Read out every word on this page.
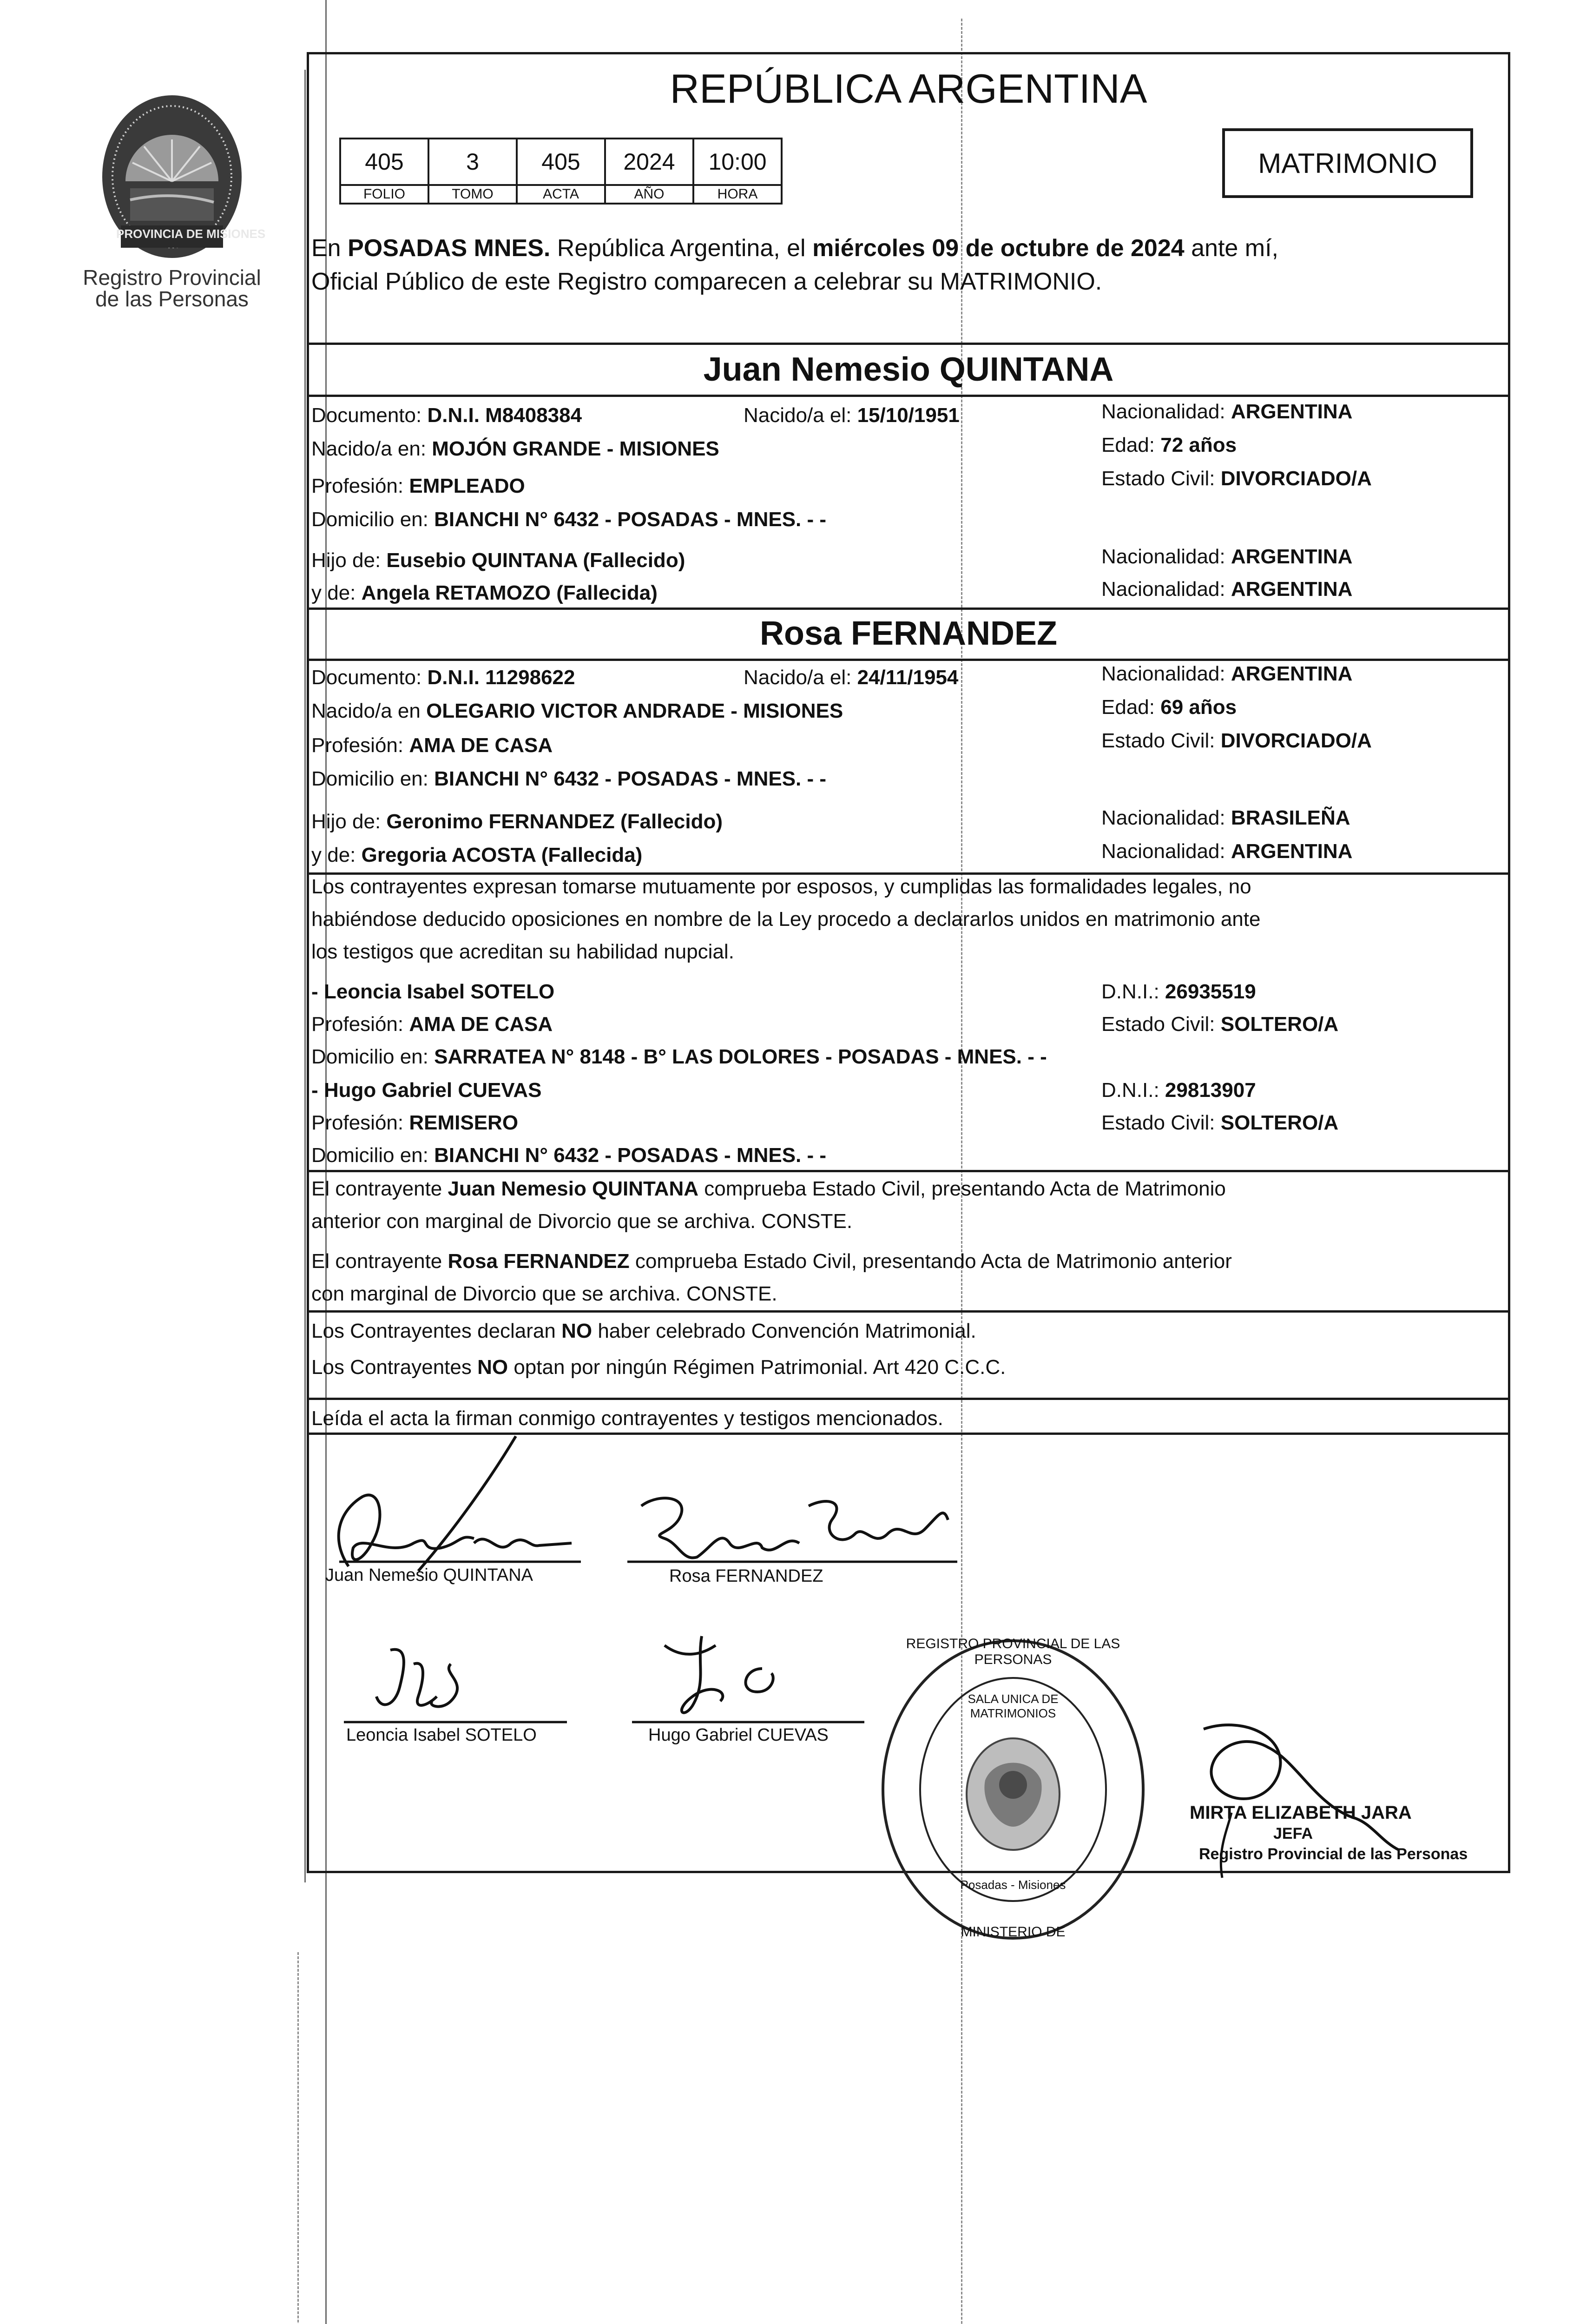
PROVINCIA DE MISIONES
Registro Provincial
de las Personas
REPÚBLICA ARGENTINA
405	3	405	2024	10:00
FOLIO	TOMO	ACTA	AÑO	HORA
MATRIMONIO
En POSADAS MNES. República Argentina, el miércoles 09 de octubre de 2024 ante mí,
Oficial Público de este Registro comparecen a celebrar su MATRIMONIO.
Juan Nemesio QUINTANA
Documento: D.N.I. M8408384	Nacido/a el: 15/10/1951	Nacionalidad: ARGENTINA
Nacido/a en: MOJÓN GRANDE - MISIONES	Edad: 72 años
Profesión: EMPLEADO	Estado Civil: DIVORCIADO/A
Domicilio en: BIANCHI N° 6432 - POSADAS - MNES. - -
Hijo de: Eusebio QUINTANA (Fallecido)	Nacionalidad: ARGENTINA
y de: Angela RETAMOZO (Fallecida)	Nacionalidad: ARGENTINA
Rosa FERNANDEZ
Documento: D.N.I. 11298622	Nacido/a el: 24/11/1954	Nacionalidad: ARGENTINA
Nacido/a en OLEGARIO VICTOR ANDRADE - MISIONES	Edad: 69 años
Profesión: AMA DE CASA	Estado Civil: DIVORCIADO/A
Domicilio en: BIANCHI N° 6432 - POSADAS - MNES. - -
Hijo de: Geronimo FERNANDEZ (Fallecido)	Nacionalidad: BRASILEÑA
y de: Gregoria ACOSTA (Fallecida)	Nacionalidad: ARGENTINA
Los contrayentes expresan tomarse mutuamente por esposos, y cumplidas las formalidades legales, no
habiéndose deducido oposiciones en nombre de la Ley procedo a declararlos unidos en matrimonio ante
los testigos que acreditan su habilidad nupcial.
- Leoncia Isabel SOTELO	D.N.I.: 26935519
Profesión: AMA DE CASA	Estado Civil: SOLTERO/A
Domicilio en: SARRATEA N° 8148 - B° LAS DOLORES - POSADAS - MNES. - -
- Hugo Gabriel CUEVAS	D.N.I.: 29813907
Profesión: REMISERO	Estado Civil: SOLTERO/A
Domicilio en: BIANCHI N° 6432 - POSADAS - MNES. - -
El contrayente Juan Nemesio QUINTANA comprueba Estado Civil, presentando Acta de Matrimonio
anterior con marginal de Divorcio que se archiva. CONSTE.
El contrayente Rosa FERNANDEZ comprueba Estado Civil, presentando Acta de Matrimonio anterior
con marginal de Divorcio que se archiva. CONSTE.
Los Contrayentes declaran NO haber celebrado Convención Matrimonial.
Los Contrayentes NO optan por ningún Régimen Patrimonial. Art 420 C.C.C.
Leída el acta la firman conmigo contrayentes y testigos mencionados.
Juan Nemesio QUINTANA	Rosa FERNANDEZ
Leoncia Isabel SOTELO	Hugo Gabriel CUEVAS
REGISTRO PROVINCIAL DE LAS PERSONAS
SALA UNICA DE MATRIMONIOS
Posadas - Misiones
MINISTERIO DE
MIRTA ELIZABETH JARA
JEFA
Registro Provincial de las Personas
